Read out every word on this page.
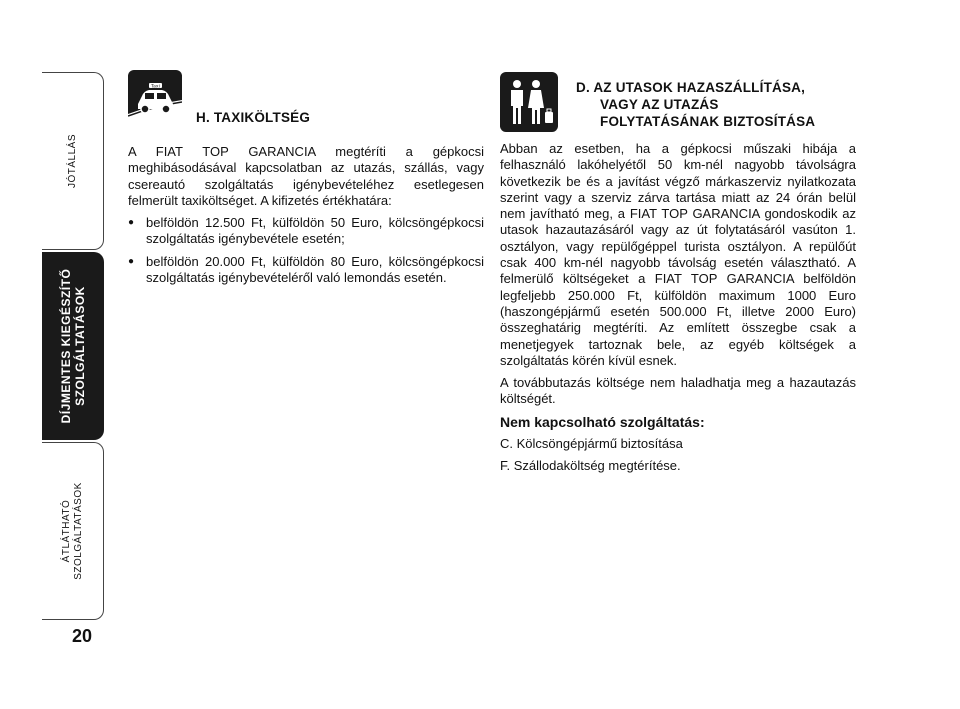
JÓTÁLLÁS
DÍJMENTES KIEGÉSZÍTŐ
SZOLGÁLTATÁSOK
ÁTLÁTHATÓ
SZOLGÁLTATÁSOK
20
Taxi
H. TAXIKÖLTSÉG

A FIAT TOP GARANCIA megtéríti a gépkocsi meghibásodásával kapcsolatban az utazás, szállás, vagy csereautó szolgáltatás igénybevételéhez esetlegesen felmerült taxiköltséget. A kifizetés értékhatára:

● belföldön 12.500 Ft, külföldön 50 Euro, kölcsöngépkocsi szolgáltatás igénybevétele esetén;
● belföldön 20.000 Ft, külföldön 80 Euro, kölcsöngépkocsi szolgáltatás igénybevételéről való lemondás esetén.
D. AZ UTASOK HAZASZÁLLÍTÁSA,
VAGY AZ UTAZÁS
FOLYTATÁSÁNAK BIZTOSÍTÁSA

Abban az esetben, ha a gépkocsi műszaki hibája a felhasználó lakóhelyétől 50 km-nél nagyobb távolságra következik be és a javítást végző márkaszerviz nyilatkozata szerint vagy a szerviz zárva tartása miatt az 24 órán belül nem javítható meg, a FIAT TOP GARANCIA gondoskodik az utasok hazautazásáról vagy az út folytatásáról vasúton 1. osztályon, vagy repülőgéppel turista osztályon. A repülőút csak 400 km-nél nagyobb távolság esetén választható. A felmerülő költségeket a FIAT TOP GARANCIA belföldön legfeljebb 250.000 Ft, külföldön maximum 1000 Euro (haszongépjármű esetén 500.000 Ft, illetve 2000 Euro) összeghatárig megtéríti. Az említett összegbe csak a menetjegyek tartoznak bele, az egyéb költségek a szolgáltatás körén kívül esnek.

A továbbutazás költsége nem haladhatja meg a hazautazás költségét.

Nem kapcsolható szolgáltatás:
C. Kölcsöngépjármű biztosítása
F. Szállodaköltség megtérítése.
